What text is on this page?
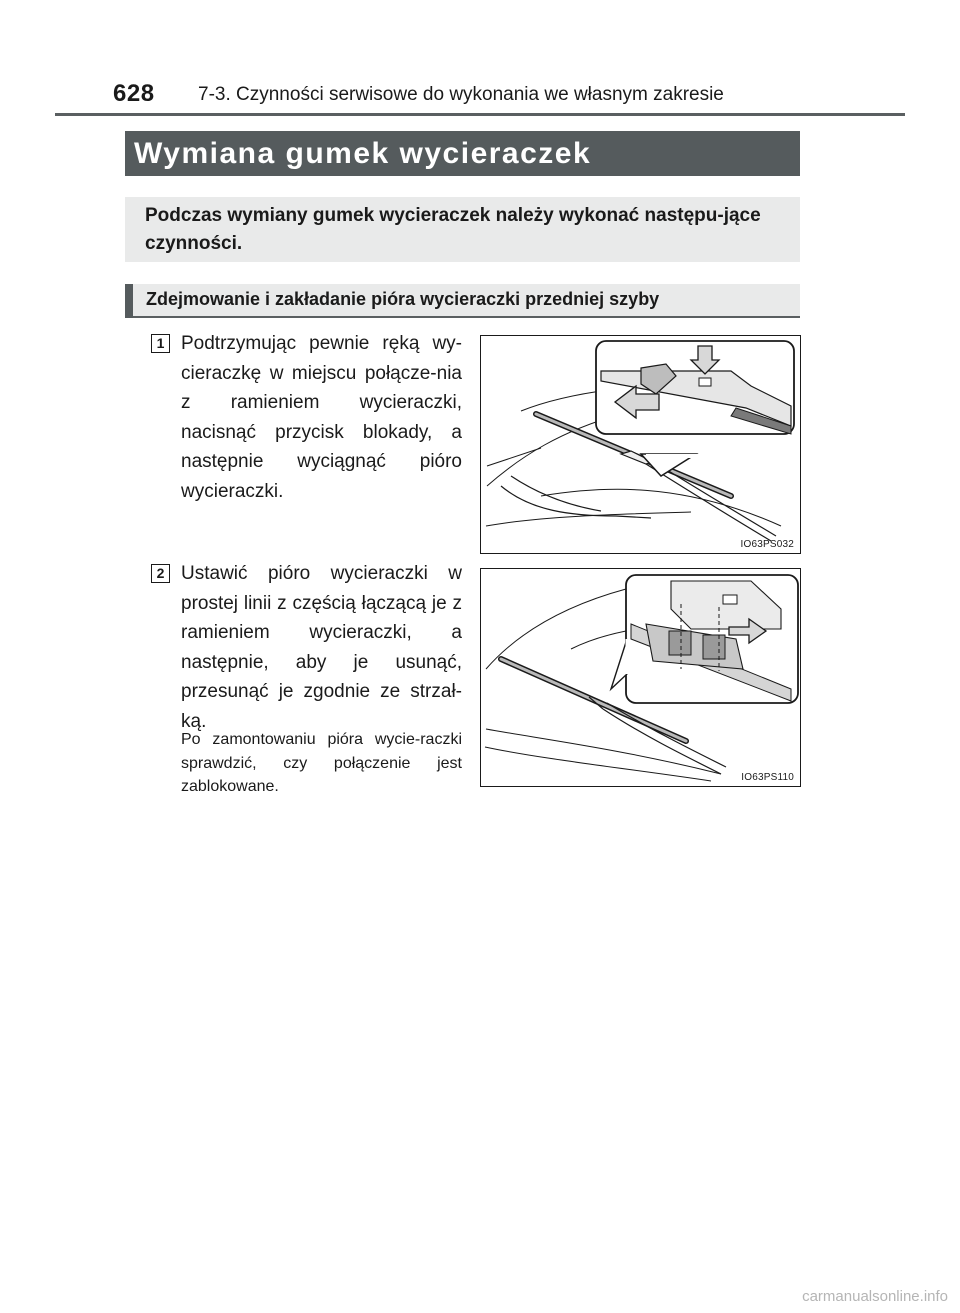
628 7-3. Czynności serwisowe do wykonania we własnym zakresie
Wymiana gumek wycieraczek
Podczas wymiany gumek wycieraczek należy wykonać następu-jące czynności.
Zdejmowanie i zakładanie pióra wycieraczki przedniej szyby
1 Podtrzymując pewnie ręką wy-cieraczkę w miejscu połącze-nia z ramieniem wycieraczki, nacisnąć przycisk blokady, a następnie wyciągnąć pióro wycieraczki.
IO63PS032
2 Ustawić pióro wycieraczki w prostej linii z częścią łączącą je z ramieniem wycieraczki, a następnie, aby je usunąć, przesunąć je zgodnie ze strzał-ką.
Po zamontowaniu pióra wycie-raczki sprawdzić, czy połączenie jest zablokowane.
IO63PS110
carmanualsonline.info
